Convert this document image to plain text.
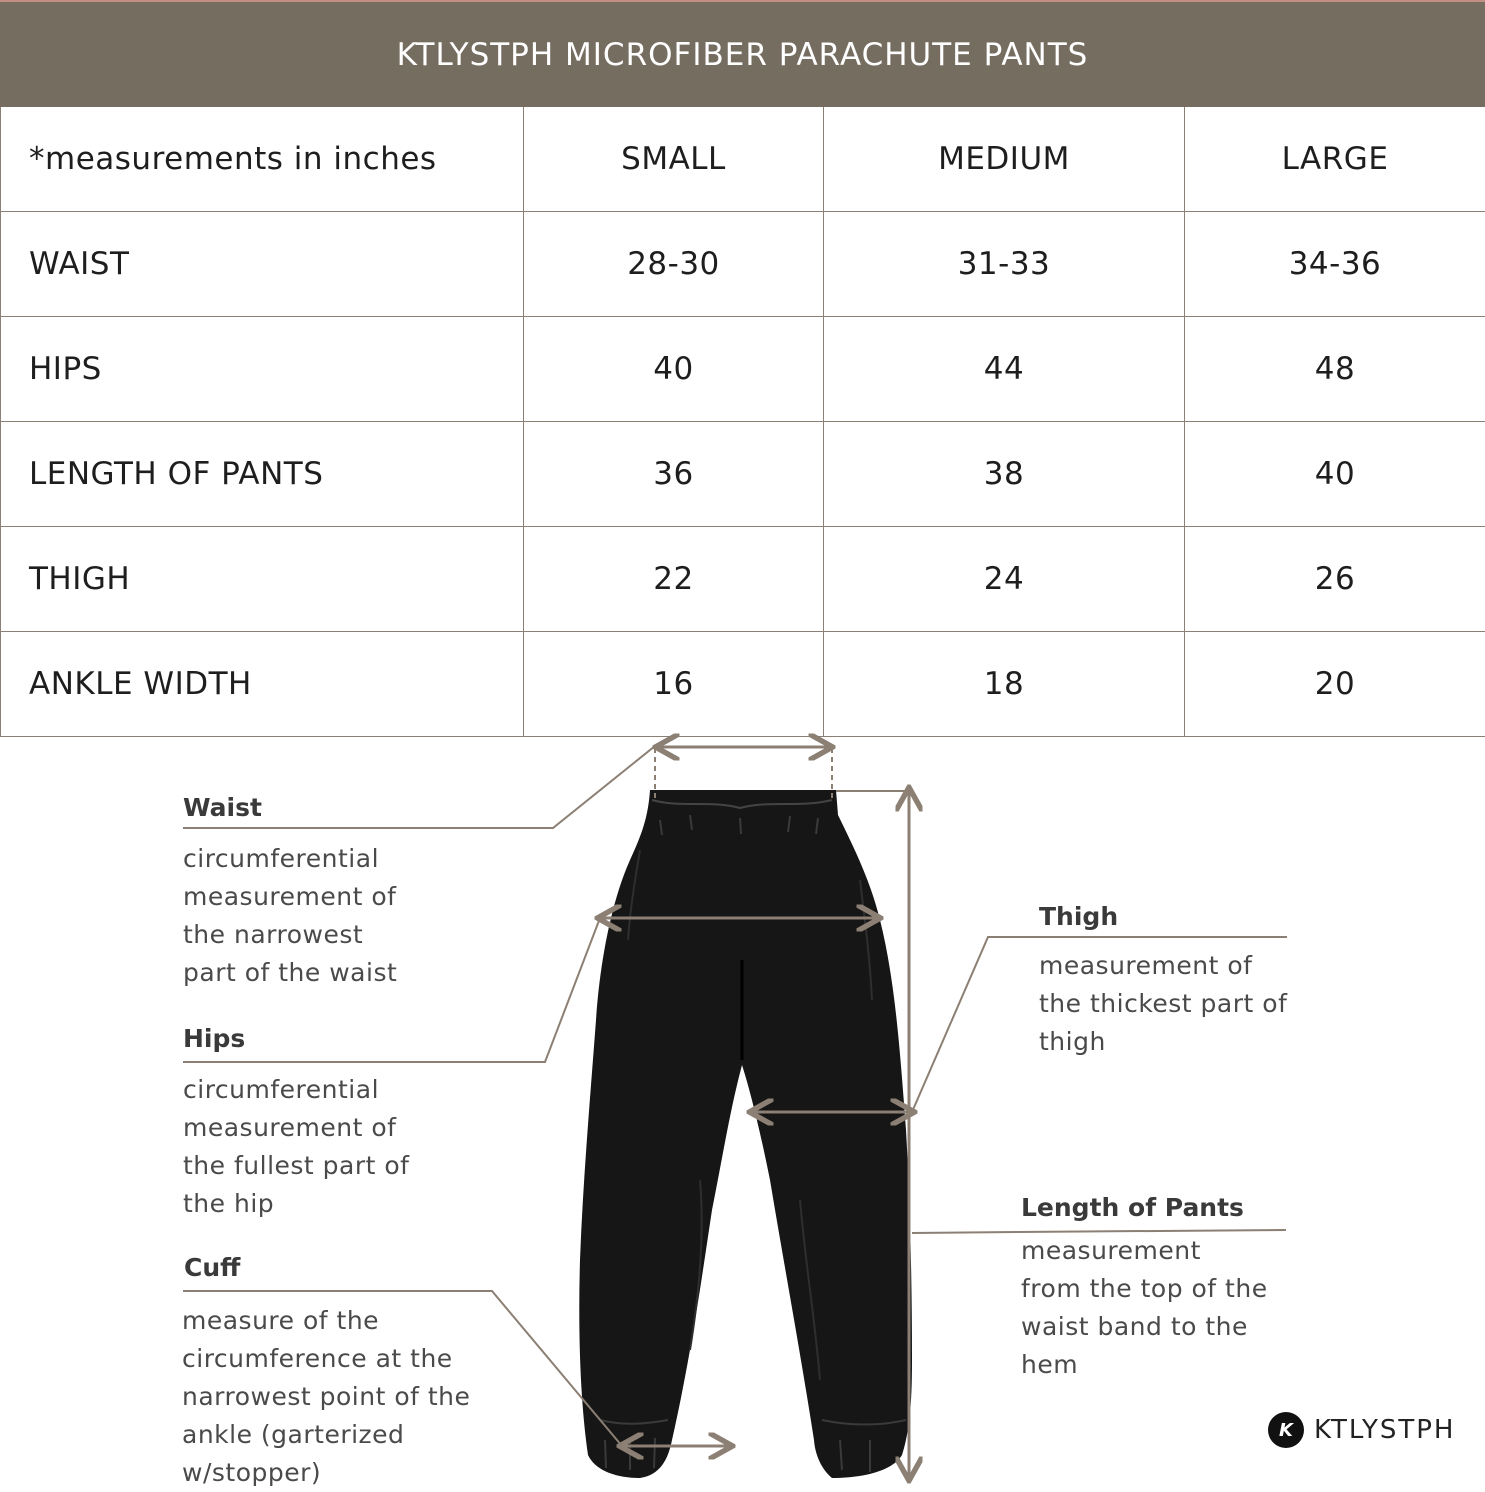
KTLYSTPH MICROFIBER PARACHUTE PANTS
*measurements in inches	SMALL	MEDIUM	LARGE
WAIST	28-30	31-33	34-36
HIPS	40	44	48
LENGTH OF PANTS	36	38	40
THIGH	22	24	26
ANKLE WIDTH	16	18	20
Waist
circumferential
measurement of
the narrowest
part of the waist
Hips
circumferential
measurement of
the fullest part of
the hip
Cuff
measure of the
circumference at the
narrowest point of the
ankle (garterized
w/stopper)
Thigh
measurement of
the thickest part of
thigh
Length of Pants
measurement
from the top of the
waist band to the
hem
K KTLYSTPH
